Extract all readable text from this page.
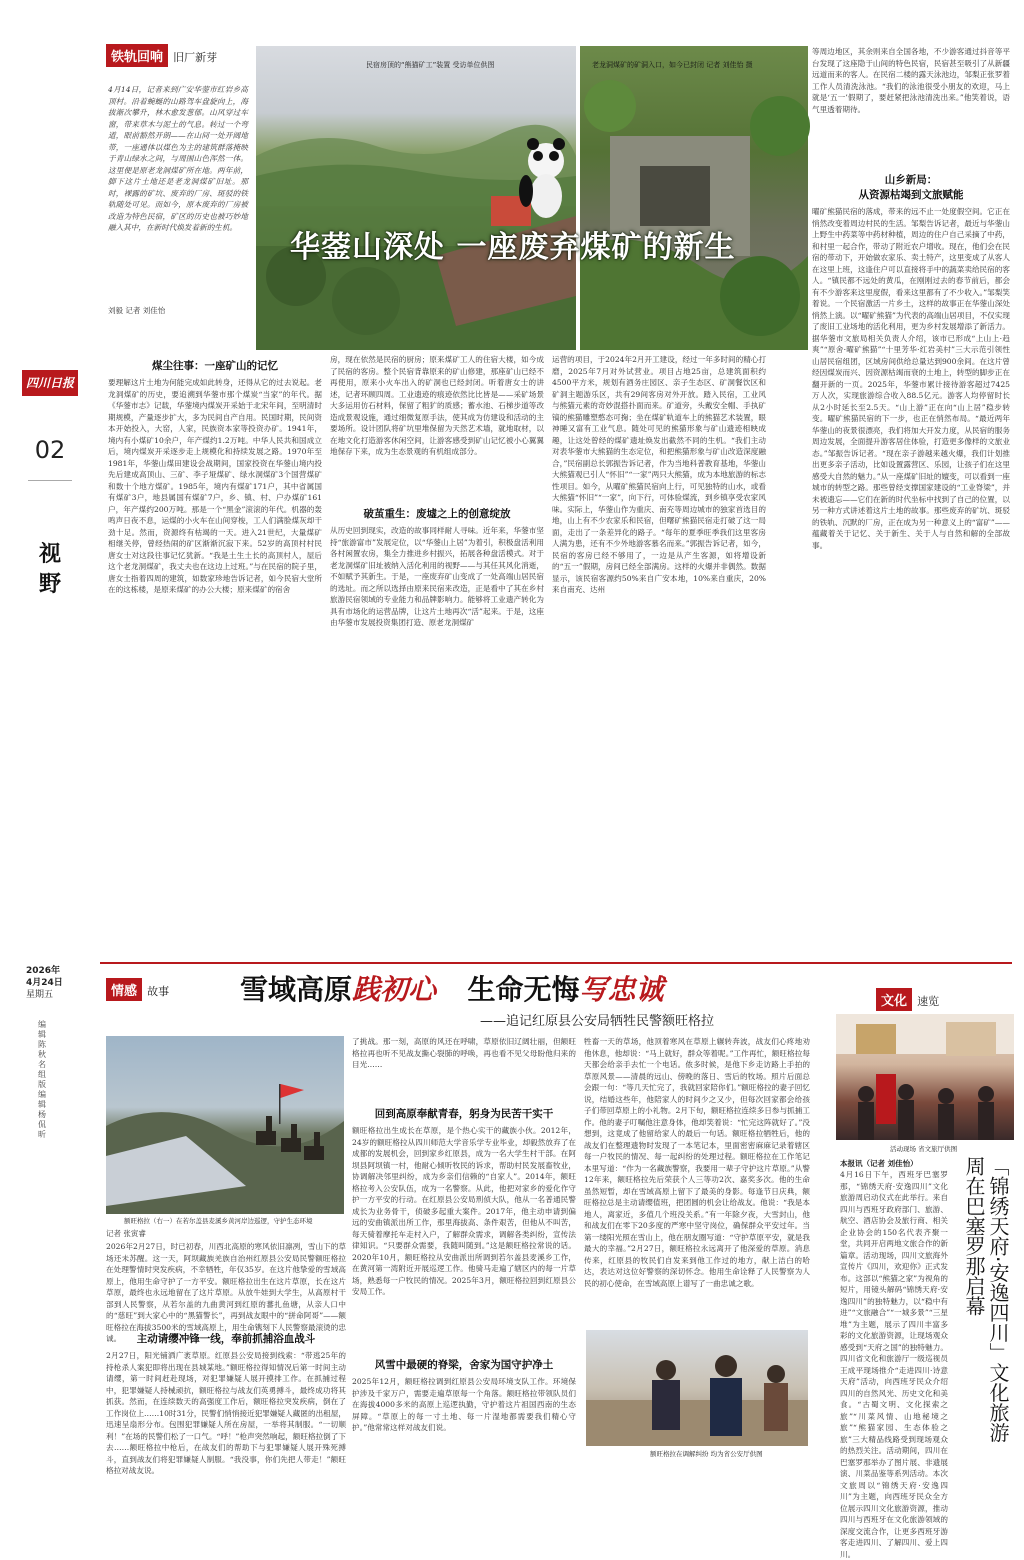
四川日报
02
视野
2026年
4月24日
星期五
编辑 陈秋名 组版编辑 杨侃昕
铁轨回响 旧厂新芽
4月14日，记者来到广安华蓥市红岩乡高顶村。沿着蜿蜒的山路驾车盘旋向上，海拔渐次攀升，林木愈发葱郁。山风穿过车窗，带来草木与泥土的气息。转过一个弯道，眼前豁然开朗——在山间一处开阔地带，一座通体以煤色为主的建筑群落掩映于青山绿水之间，与周围山色浑然一体。这里便是原老龙洞煤矿所在地。两年前，脚下这片土地还是老龙洞煤矿旧址。那时，裸露的矿坑、废弃的厂房、斑驳的铁轨随处可见。而如今，原本废弃的厂房被改造为特色民宿，矿区的历史也被巧妙地融入其中，在新时代焕发着新的生机。
刘毅 记者 刘佳怡
民宿房顶的“熊猫矿工”装置 受访单位供图	老龙洞煤矿的矿洞入口，如今已封闭 记者 刘佳怡 摄
华蓥山深处 一座废弃煤矿的新生
煤尘往事：一座矿山的记忆
要理解这片土地为何能完成如此转身，还得从它的过去说起。老龙洞煤矿的历史，要追溯到华蓥市那个煤炭“当家”的年代。据《华蓥市志》记载，华蓥境内煤炭开采始于北宋年间，至明清时期规模，产量逐步扩大，多为民间自产自用。民国时期，民间资本开始投入，大窑，人家，民族资本家等投资办矿。1941年，境内有小煤矿10余户，年产煤约1.2万吨。中华人民共和国成立后，境内煤炭开采逐步走上规模化和持续发展之路。1970年至1981年，华蓥山煤田建设会战期间，国家投资在华蓥山境内投先后建成高顶山、三矿、李子垭煤矿、绿水洞煤矿3个国营煤矿和数十个地方煤矿。1985年，境内有煤矿171户，其中省属国有煤矿3户，地县属国有煤矿7户，乡、镇、村、户办煤矿161户，年产煤约200万吨。那是一个“黑金”滚滚的年代。机器的轰鸣声日夜不息，运煤的小火车在山间穿梭，工人们满脸煤灰却干劲十足。然而，资源终有枯竭的一天。进入21世纪，大量煤矿相继关停，曾经热闹的矿区渐渐沉寂下来。52岁的高顶村村民唐女士对这段往事记忆犹新。“我是土生土长的高顶村人，屋后这个老龙洞煤矿，我丈夫也在这边上过班。”与在民宿的院子里，唐女士指着四周的建筑，如数家珍地告诉记者，如今民宿大堂所在的这栋楼，是原来煤矿的办公大楼；原来煤矿的宿舍
房，现在依然是民宿的厨房；原来煤矿工人的住宿大楼，如今成了民宿的客房。整个民宿背靠原来的矿山修建，那座矿山已经不再使用，原来小火车出入的矿洞也已经封闭。听着唐女士的讲述，记者环顾四周。工业遗迹的痕迹依然比比皆是——采矿场景大多运用仿石材料，保留了粗犷的质感；蓄水池、石梯步道等改造成景观设施，通过细微复原手法，使其成为仿建设和活动的主要场所。设计团队将矿坑里堆保留为天然艺术墙，就地取材，以在地文化打造游客休闲空间，让游客感受到矿山记忆被小心翼翼地保存下来，成为生态景观的有机组成部分。
破茧重生：废墟之上的创意绽放
从历史回到现实，改造的故事同样耐人寻味。近年来，华蓥市坚持“旅游富市”发展定位，以“华蓥山上居”为着引，积极盘活利用各村闲置农房，集全力推进乡村振兴，拓展各种盘活模式。对于老龙洞煤矿旧址被纳入活化利用的视野——与其任其风化消逝，不如赋予其新生。于是，一座废弃矿山变成了一处高端山居民宿的选址。而之所以选择由原来民宿来改造，正是看中了其在乡村旅游民宿领域的专业能力和品牌影响力。能够将工业遗产转化为具有市场化的运营品牌，让这片土地再次“活”起来。于是，这座由华蓥市发展投资集团打造、原老龙洞煤矿
运营的项目，于2024年2月开工建设，经过一年多时间的精心打磨，2025年7月对外试营业。项目占地25亩，总建筑面积约4500平方米，规划有酒务庄园区、亲子生态区、矿洞餐饮区和矿洞主题游乐区，共有29间客房对外开放。踏入民宿，工业风与熊猫元素的奇妙混搭扑面而来。矿道旁，头戴安全帽、手执矿镐的熊猫雕塑憨态可掬；坐在煤矿轨道车上的熊猫艺术装置，眼神睡又富有工业气息。随处可见的熊猫形象与矿山遗迹相映成趣，让这处曾经的煤矿遗址焕发出截然不同的生机。“我们主动对表华蓥市大熊猫的生态定位，和把熊猫形象与矿山改造深度融合，”民宿副总长郭振告诉记者，作为当地科普教育基地，华蓥山大熊猫观已引人“怀旧”“一家”两只大熊猫，成为本地旅游的标志性项目。如今，从曜矿熊猫民宿向上行，可见独特的山水，或看大熊猫“怀旧”“一家”，向下行，可体验煤流，到乡镇享受农家风味。实际上，华蓥山作为重庆、南充等周边城市的独家首选目的地，山上有不少农家乐和民宿，但曙矿熊猫民宿走打破了这一局面，走出了一条差异化的路子。“每年的夏季旺季我们这里客房人满为患，还有不少外地游客慕名而来。”郭振告诉记者，如今，民宿的客房已经不够用了，一边是从产生客源，如将增设新的“五一”假期，房间已经全部满房。这样的火爆并非偶然。数据显示，该民宿客源约50%来自广安本地，10%来自重庆，20%来自南充、达州
等周边地区，其余则来自全国各地，不少游客通过抖音等平台发现了这座隐于山间的特色民宿，民宿甚至吸引了从新疆远道而来的客人。在民宿二楼的露天泳池边，邹梨正张罗着工作人员清洗泳池。“我们的泳池很受小朋友的欢迎，马上就是‘五一’假期了，要赶紧把泳池清洗出来。”他笑着说，语气里透着期待。
山乡新局：
从资源枯竭到文旅赋能
曜矿熊猫民宿的落成，带来的远不止一处度假空间。它正在悄然改变着周边村民的生活。邹梨告诉记者，最近与华蓥山上野生中药菜等中药材种植，周边的住户自己采摘了中药，和村里一起合作，带动了附近农户增收。现在，他们会在民宿的带动下，开始做农家乐、卖土特产，这里变成了从客人在这里上班，这逢住户可以直接将手中的蔬菜卖给民宿的客人。“镇民都不远处的黄瓜，在刚刚过去的春节前后，都会有不少游客来这里度假，看来这里都有了不少收入。”邹梨笑着说。一个民宿激活一片乡土，这样的故事正在华蓥山深处悄然上演。以“曜矿熊猫”为代表的高端山居项目，不仅实现了废旧工业场地的活化利用，更为乡村发展增添了新活力。据华蓥市文旅局相关负责人介绍，该市已形成“上山上·趋爽”“原舍·曜矿熊猫”“十里芳华·红岩美村”三大示范引领性山居民宿组团，区域房间供给总量达到900余间。在这片曾经因煤炭而兴、因资源枯竭而衰的土地上，转型的脚步正在翻开新的一页。2025年，华蓥市累计接待游客超过7425万人次，实现旅游综合收入88.5亿元。游客人均停留时长从2小时延长至2.5天。“山上游”正在向“山上居”稳步转变。曜矿熊猫民宿的下一步，也正在悄然布局。“最近两年华蓥山的夜景很漂亮，我们将加大开发力度，从民宿的服务周边发展，全面提升游客居住体验，打造更多像样的文旅业态。”邹振告诉记者。“现在亲子游越来越火爆，我们计划推出更多亲子活动，比如设置露营区、乐园，让孩子们在这里感受大自然的魅力。”从一座煤矿旧址的嬗变，可以看到一座城市的转型之路。那些曾经支撑国家建设的“工业脊梁”，并未被遗忘——它们在新的时代坐标中找到了自己的位置，以另一种方式讲述着这片土地的故事。那些废弃的矿坑、斑驳的铁轨、沉默的厂房，正在成为另一种意义上的“富矿”——蕴藏着关于记忆、关于新生、关于人与自然和解的全部故事。
情感 故事	雪域高原践初心 生命无悔写忠诚
——追记红原县公安局牺牲民警额旺格拉
额旺格拉（右一）在若尔盖县麦溪乡黄河岸边巡逻，守护生态环境
记者 张寅睿
2026年2月27日，时已初春，川西北高原的寒风依旧凛冽，雪山下的草场还未苏醒。这一天，阿坝藏族羌族自治州红原县公安局民警额旺格拉在处理警情时突发疾病，不幸牺牲，年仅35岁。在这片他挚爱的雪域高原上，他用生命守护了一方平安。额旺格拉出生在这片草原，长在这片草原，最终也永远地留在了这片草原。从放牛娃到大学生，从高原村干部到人民警察，从若尔盖的九曲黄河到红原的蕃扎鱼塘，从亲人口中的“慈旺”到大家心中的“黑猫警长”，再到战友眼中的“拼命阿哥”——额旺格拉在海拔3500米的雪域高原上，用生命镌刻下人民警察最滚烫的忠诚。	主动请缨冲锋一线，奉前抓捕浴血战斗
2月27日，阳光铺洒广袤草原。红原县公安局接到线索：“带逃25年的持枪杀人案犯即将出现在县城某地。”额旺格拉得知情况后第一时间主动请缨，第一时间赶赴现场，对犯罪嫌疑人展开摸排工作。在抓捕过程中，犯罪嫌疑人持械顽抗，额旺格拉与战友们英勇搏斗，最终成功将其抓获。然而，在连续数天的高强度工作后，额旺格拉突发疾病，倒在了工作岗位上……10时31分，民警们悄悄接近犯罪嫌疑人藏匿的出租屋，迅速呈扇形分布。包围犯罪嫌疑人所在房屋，一举将其制服。“一切顺利！”在场的民警们松了一口气。“呼！”枪声突然响起，额旺格拉倒了下去……额旺格拉中枪后，在战友们的帮助下与犯罪嫌疑人展开殊死搏斗，直到战友们将犯罪嫌疑人制服。“我没事，你们先把人带走！”额旺格拉对战友说。
了挑战。那一刻，高原的风还在呼啸，草原依旧辽阔壮丽，但额旺格拉再也听不见战友撕心裂肺的呼唤，再也看不见父母盼他归来的目光……
回到高原奉献青春，躬身为民苦干实干
额旺格拉出生成长在草原，是个热心实干的藏族小伙。2012年，24岁的额旺格拉从四川师范大学音乐学专业毕业，却毅然放弃了在成都的发展机会，回到家乡红原县，成为一名大学生村干部。在阿坝县阿坝镇一村，他耐心倾听牧民的诉求，帮助村民发展畜牧业，协调解决邻里纠纷，成为乡亲们信赖的“自家人”。2014年，额旺格拉考入公安队伍，成为一名警察。从此，他把对家乡的爱化作守护一方平安的行动。在红原县公安局刑侦大队，他从一名普通民警成长为业务骨干，侦破多起重大案件。2017年，他主动申请到偏远的安曲镇派出所工作，那里海拔高、条件艰苦，但他从不叫苦，每天骑着摩托车走村入户，了解群众需求，调解各类纠纷，宣传法律知识。“只要群众需要，我随叫随到。”这是额旺格拉常说的话。2020年10月，额旺格拉从安曲派出所调到若尔盖县麦溪乡工作，在黄河第一湾附近开展巡逻工作。他骑马走遍了辖区内的每一片草场，熟悉每一户牧民的情况。2025年3月，额旺格拉回到红原县公安局工作。
风雪中最硬的脊梁，舍家为国守护净土
2025年12月，额旺格拉调到红原县公安局环境支队工作。环境保护涉及千家万户，需要走遍草原每一个角落。额旺格拉带领队员们在海拔4000多米的高原上巡逻执勤，守护着这片祖国西南的生态屏障。“草原上的每一寸土地、每一片湿地都需要我们精心守护。”他常常这样对战友们说。
牲畜一天的草场，他顶着寒风在草原上辗转奔波，战友们心疼地劝他休息，他却说：“马上就好，群众等着呢。”工作再忙，额旺格拉每天都会给亲手去忙一个电话。侬多时候，是他下乡走访路上手拍的草原风景——清晨的远山、傍晚的落日、雪后的牧场。照片后面总会跟一句：“等几天忙完了，我就回家陪你们。”额旺格拉的妻子回忆说，结婚这些年，他陪家人的时间少之又少，但每次回家都会给孩子们带回草原上的小礼物。2月下旬，额旺格拉连续多日参与抓捕工作。他的妻子叮嘱他注意身体，他却笑着说：“忙完这阵就好了。”没想到，这竟成了他留给家人的最后一句话。额旺格拉牺牲后，他的战友们在整理遗物时发现了一本笔记本，里面密密麻麻记录着辖区每一户牧民的情况、每一起纠纷的处理过程。额旺格拉在工作笔记本里写道：“作为一名藏族警察，我要用一辈子守护这片草原。”从警12年来，额旺格拉先后荣获个人三等功2次、嘉奖多次。他的生命虽然短暂，却在雪域高原上留下了最美的身影。每逢节日庆典，额旺格拉总是主动请缨值班，把团圆的机会让给战友。他说：“我是本地人，离家近，多值几个班没关系。”有一年除夕夜，大雪封山，他和战友们在零下20多度的严寒中坚守岗位，确保群众平安过年。当第一缕阳光照在雪山上，他在朋友圈写道：“守护草原平安，就是我最大的幸福。”2月27日，额旺格拉永远离开了他深爱的草原。消息传来，红原县的牧民们自发来到他工作过的地方，献上洁白的哈达，表达对这位好警察的深切怀念。他用生命诠释了人民警察为人民的初心使命，在雪域高原上谱写了一曲忠诚之歌。
额旺格拉在调解纠纷 均为省公安厅供图
文化 速览
活动现场 省文旅厅供图
「锦绣天府·安逸四川」文化旅游周在巴塞罗那启幕
本报讯（记者 刘佳怡）
4月16日下午，西班牙巴塞罗那，“锦绣天府·安逸四川”文化旅游周启动仪式在此举行。来自四川与西班牙政府部门、旅游、航空、酒店协会及旅行商、相关企业协会的150名代表齐聚一堂，共同开启两地文旅合作的新篇章。活动现场，四川文旅海外宣传片《四川，欢迎你》正式发布。这部以“熊猫之家”为视角的短片，用镜头解码“锦绣天府·安逸四川”的独特魅力，以“稳中有进”“文旅融合”“一城多景”“三星堆”为主题，展示了四川丰富多彩的文化旅游资源，让现场观众感受到“天府之国”的独特魅力。四川省文化和旅游厅一级巡视员王成平现场推介“走进四川·诗意天府”活动，向西班牙民众介绍四川的自然风光、历史文化和美食。“古蜀文明、文化探索之旅”“川菜风情、山地秘境之旅”“熊猫家园、生态体验之旅”三大精品线路受到现场观众的热烈关注。活动期间，四川在巴塞罗那举办了图片展、非遗展演、川菜品鉴等系列活动。本次文旅周以“锦绣天府·安逸四川”为主题，向西班牙民众全方位展示四川文化旅游资源，推动四川与西班牙在文化旅游领域的深度交流合作，让更多西班牙游客走进四川、了解四川、爱上四川。
